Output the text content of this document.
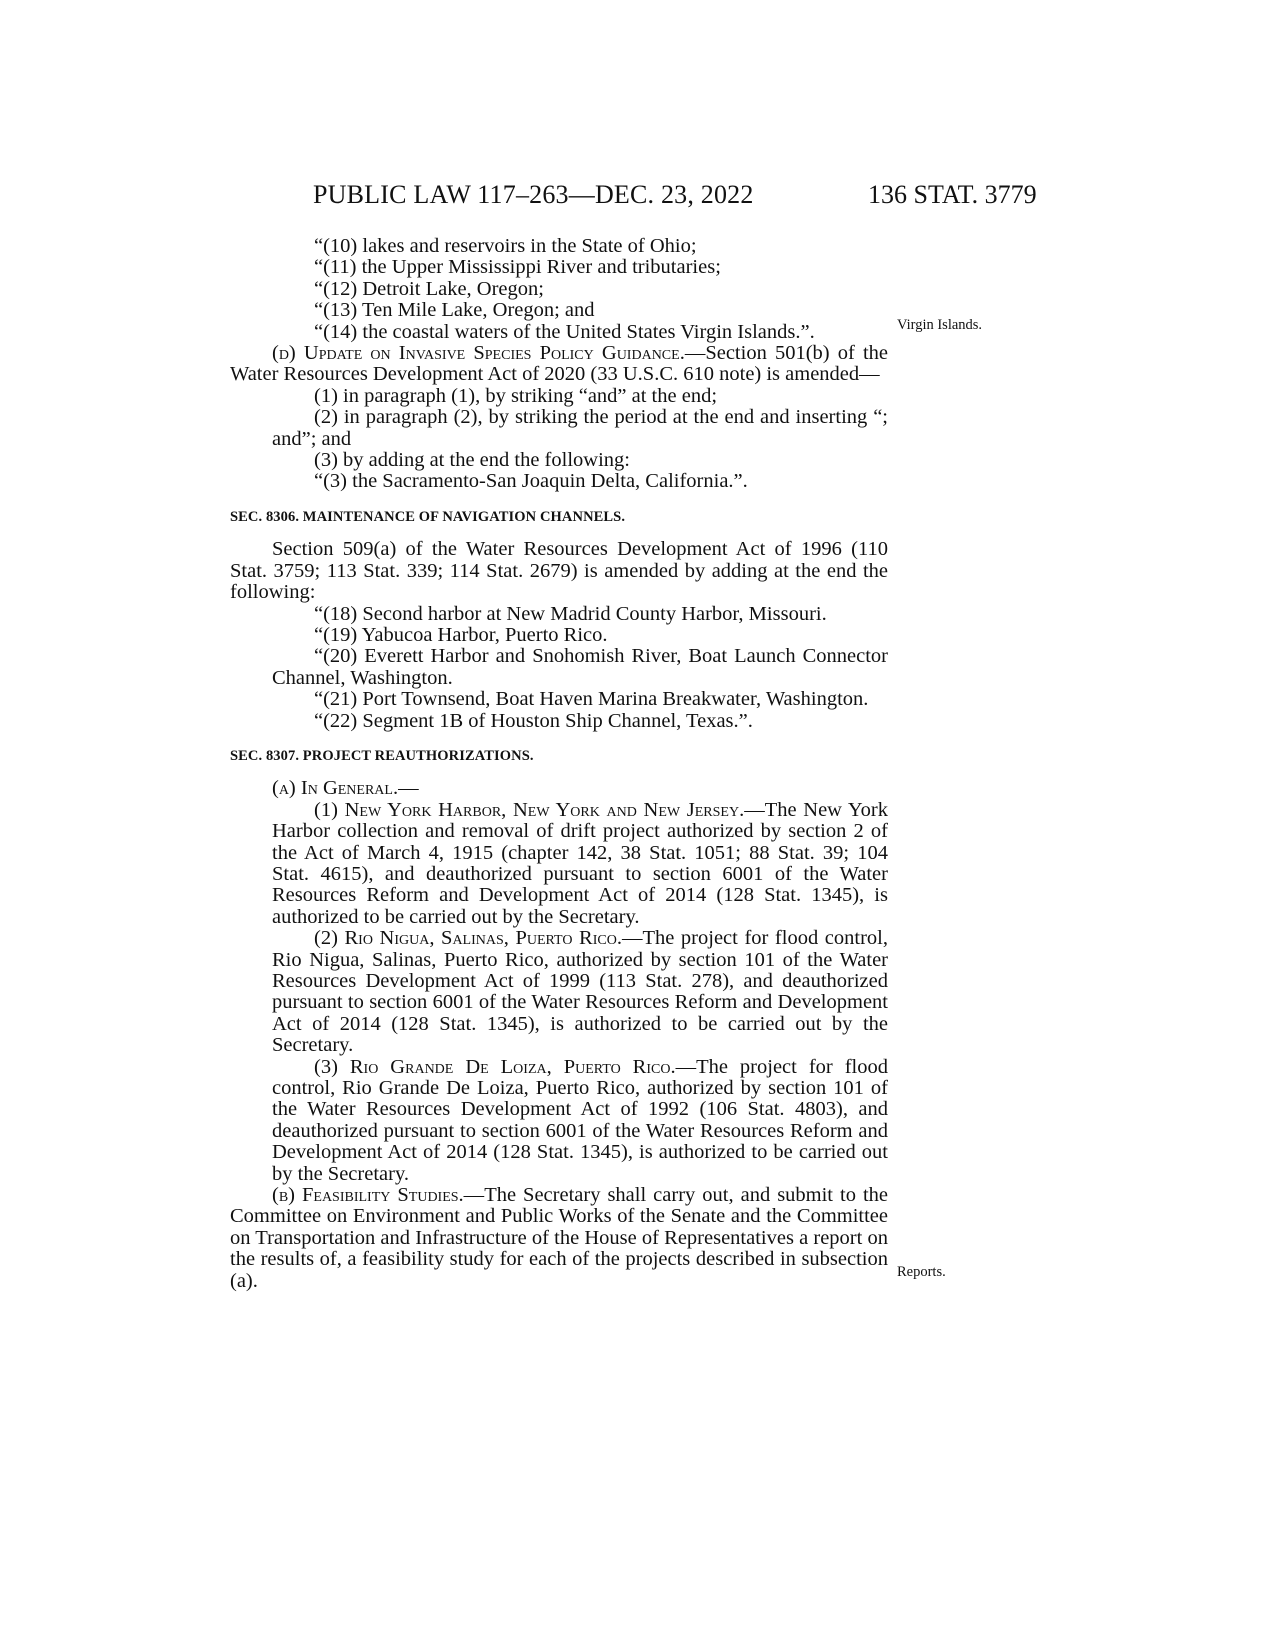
PUBLIC LAW 117–263—DEC. 23, 2022	136 STAT. 3779
Virgin Islands.
Reports.

“(10) lakes and reservoirs in the State of Ohio;

“(11) the Upper Mississippi River and tributaries;

“(12) Detroit Lake, Oregon;

“(13) Ten Mile Lake, Oregon; and

“(14) the coastal waters of the United States Virgin Islands.”.

(d) Update on Invasive Species Policy Guidance.—Section 501(b) of the Water Resources Development Act of 2020 (33 U.S.C. 610 note) is amended—

(1) in paragraph (1), by striking “and” at the end;

(2) in paragraph (2), by striking the period at the end and inserting “; and”; and

(3) by adding at the end the following:

“(3) the Sacramento-San Joaquin Delta, California.”.

SEC. 8306. MAINTENANCE OF NAVIGATION CHANNELS.

Section 509(a) of the Water Resources Development Act of 1996 (110 Stat. 3759; 113 Stat. 339; 114 Stat. 2679) is amended by adding at the end the following:

“(18) Second harbor at New Madrid County Harbor, Missouri.

“(19) Yabucoa Harbor, Puerto Rico.

“(20) Everett Harbor and Snohomish River, Boat Launch Connector Channel, Washington.

“(21) Port Townsend, Boat Haven Marina Breakwater, Washington.

“(22) Segment 1B of Houston Ship Channel, Texas.”.

SEC. 8307. PROJECT REAUTHORIZATIONS.

(a) In General.—

(1) New York Harbor, New York and New Jersey.—The New York Harbor collection and removal of drift project authorized by section 2 of the Act of March 4, 1915 (chapter 142, 38 Stat. 1051; 88 Stat. 39; 104 Stat. 4615), and deauthorized pursuant to section 6001 of the Water Resources Reform and Development Act of 2014 (128 Stat. 1345), is authorized to be carried out by the Secretary.

(2) Rio Nigua, Salinas, Puerto Rico.—The project for flood control, Rio Nigua, Salinas, Puerto Rico, authorized by section 101 of the Water Resources Development Act of 1999 (113 Stat. 278), and deauthorized pursuant to section 6001 of the Water Resources Reform and Development Act of 2014 (128 Stat. 1345), is authorized to be carried out by the Secretary.

(3) Rio Grande De Loiza, Puerto Rico.—The project for flood control, Rio Grande De Loiza, Puerto Rico, authorized by section 101 of the Water Resources Development Act of 1992 (106 Stat. 4803), and deauthorized pursuant to section 6001 of the Water Resources Reform and Development Act of 2014 (128 Stat. 1345), is authorized to be carried out by the Secretary.

(b) Feasibility Studies.—The Secretary shall carry out, and submit to the Committee on Environment and Public Works of the Senate and the Committee on Transportation and Infrastructure of the House of Representatives a report on the results of, a feasibility study for each of the projects described in subsection (a).
